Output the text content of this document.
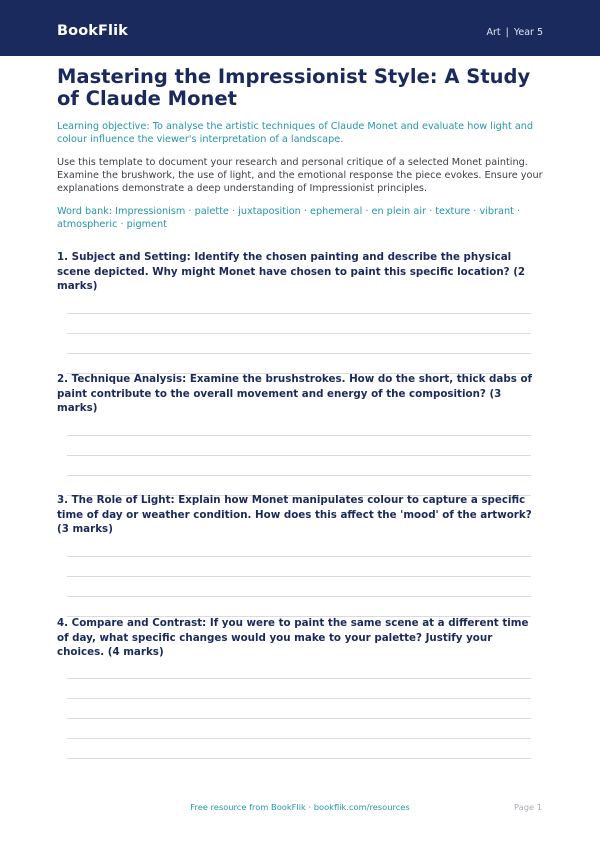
BookFlik	Art | Year 5
Mastering the Impressionist Style: A Study of Claude Monet
Learning objective: To analyse the artistic techniques of Claude Monet and evaluate how light and colour influence the viewer's interpretation of a landscape.
Use this template to document your research and personal critique of a selected Monet painting. Examine the brushwork, the use of light, and the emotional response the piece evokes. Ensure your explanations demonstrate a deep understanding of Impressionist principles.
Word bank: Impressionism · palette · juxtaposition · ephemeral · en plein air · texture · vibrant · atmospheric · pigment

1. Subject and Setting: Identify the chosen painting and describe the physical scene depicted. Why might Monet have chosen to paint this specific location? (2 marks)

2. Technique Analysis: Examine the brushstrokes. How do the short, thick dabs of paint contribute to the overall movement and energy of the composition? (3 marks)

3. The Role of Light: Explain how Monet manipulates colour to capture a specific time of day or weather condition. How does this affect the 'mood' of the artwork? (3 marks)

4. Compare and Contrast: If you were to paint the same scene at a different time of day, what specific changes would you make to your palette? Justify your choices. (4 marks)

Free resource from BookFlik · bookflik.com/resources	Page 1
